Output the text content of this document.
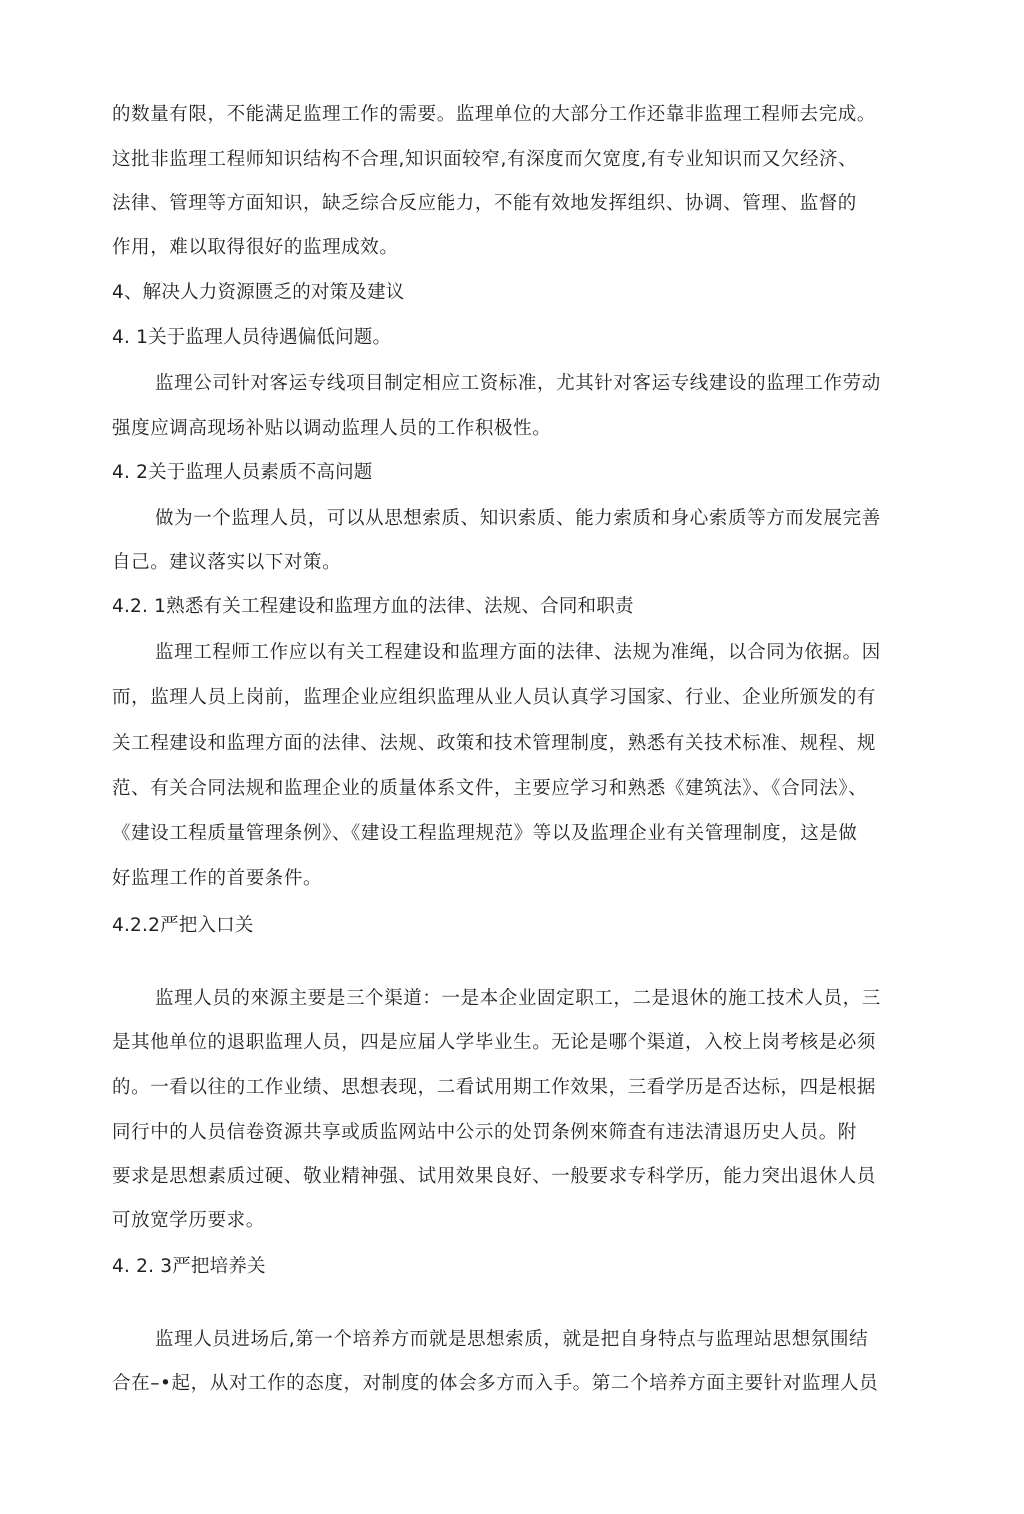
的数量有限，不能满足监理工作的需要。监理单位的大部分工作还靠非监理工程师去完成。
这批非监理工程师知识结构不合理,知识面较窄,有深度而欠宽度,有专业知识而又欠经济、
法律、管理等方面知识，缺乏综合反应能力，不能有效地发挥组织、协调、管理、监督的
作用，难以取得很好的监理成效。
4、解决人力资源匮乏的对策及建议
4. 1关于监理人员待遇偏低问题。
监理公司针对客运专线项目制定相应工资标准，尤其针对客运专线建设的监理工作劳动
强度应调高现场补贴以调动监理人员的工作积极性。
4. 2关于监理人员素质不高问题
做为一个监理人员，可以从思想索质、知识索质、能力索质和身心索质等方而发展完善
自己。建议落实以下对策。
4.2. 1熟悉有关工程建设和监理方血的法律、法规、合同和职责
监理工程师工作应以有关工程建设和监理方面的法律、法规为准绳，以合同为依据。因
而，监理人员上岗前，监理企业应组织监理从业人员认真学习国家、行业、企业所颁发的有
关工程建设和监理方面的法律、法规、政策和技术管理制度，熟悉有关技术标准、规程、规
范、有关合同法规和监理企业的质量体系文件，主要应学习和熟悉《建筑法》、《合同法》、
《建设工程质量管理条例》、《建设工程监理规范》等以及监理企业有关管理制度，这是做
好监理工作的首要条件。
4.2.2严把入口关
监理人员的來源主要是三个渠道：一是本企业固定职工，二是退休的施工技术人员，三
是其他单位的退职监理人员，四是应届人学毕业生。无论是哪个渠道，入校上岗考核是必须
的。一看以往的工作业绩、思想表现，二看试用期工作效果，三看学历是否达标，四是根据
同行中的人员信卷资源共享或质监网站中公示的处罚条例來筛査有违法清退历史人员。附
要求是思想素质过硬、敬业精神强、试用效果良好、一般要求专科学历，能力突出退休人员
可放宽学历要求。
4. 2. 3严把培养关
监理人员进场后,第一个培养方而就是思想索质，就是把自身特点与监理站思想氛围结
合在–•起，从对工作的态度，对制度的体会多方而入手。第二个培养方面主要针对监理人员
